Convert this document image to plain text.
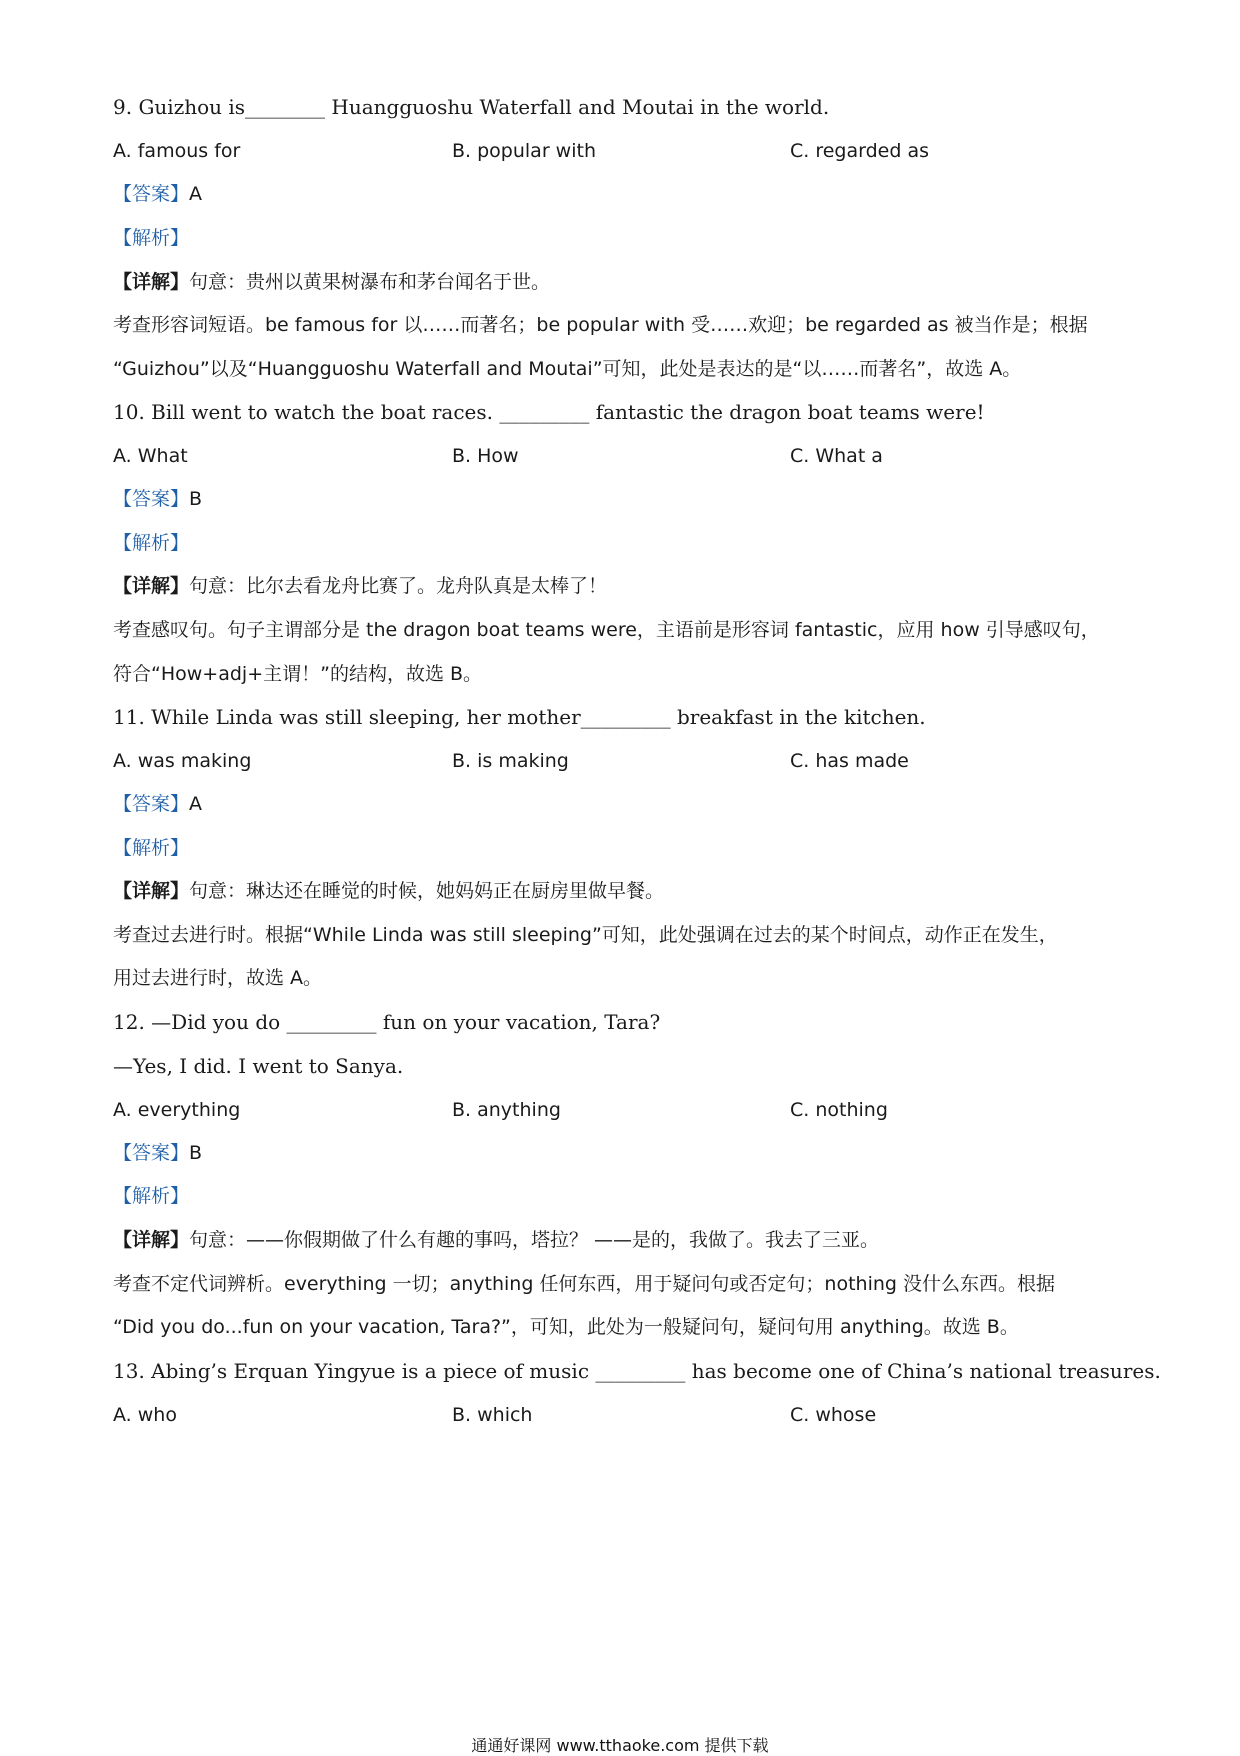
9. Guizhou is________ Huangguoshu Waterfall and Moutai in the world.
A. famous for	B. popular with	C. regarded as
【答案】A
【解析】
【详解】句意：贵州以黄果树瀑布和茅台闻名于世。
考查形容词短语。be famous for 以……而著名；be popular with 受……欢迎；be regarded as 被当作是；根据
“Guizhou”以及“Huangguoshu Waterfall and Moutai”可知，此处是表达的是“以……而著名”，故选 A。
10. Bill went to watch the boat races. _________ fantastic the dragon boat teams were!
A. What	B. How	C. What a
【答案】B
【解析】
【详解】句意：比尔去看龙舟比赛了。龙舟队真是太棒了！
考查感叹句。句子主谓部分是 the dragon boat teams were，主语前是形容词 fantastic，应用 how 引导感叹句，
符合“How+adj+主谓！”的结构，故选 B。
11. While Linda was still sleeping, her mother_________ breakfast in the kitchen.
A. was making	B. is making	C. has made
【答案】A
【解析】
【详解】句意：琳达还在睡觉的时候，她妈妈正在厨房里做早餐。
考查过去进行时。根据“While Linda was still sleeping”可知，此处强调在过去的某个时间点，动作正在发生，
用过去进行时，故选 A。
12. —Did you do _________ fun on your vacation, Tara?
—Yes, I did. I went to Sanya.
A. everything	B. anything	C. nothing
【答案】B
【解析】
【详解】句意：——你假期做了什么有趣的事吗，塔拉？ ——是的，我做了。我去了三亚。
考查不定代词辨析。everything 一切；anything 任何东西，用于疑问句或否定句；nothing 没什么东西。根据
“Did you do...fun on your vacation, Tara?”，可知，此处为一般疑问句，疑问句用 anything。故选 B。
13. Abing’s Erquan Yingyue is a piece of music _________ has become one of China’s national treasures.
A. who	B. which	C. whose
通通好课网 www.tthaoke.com 提供下载
